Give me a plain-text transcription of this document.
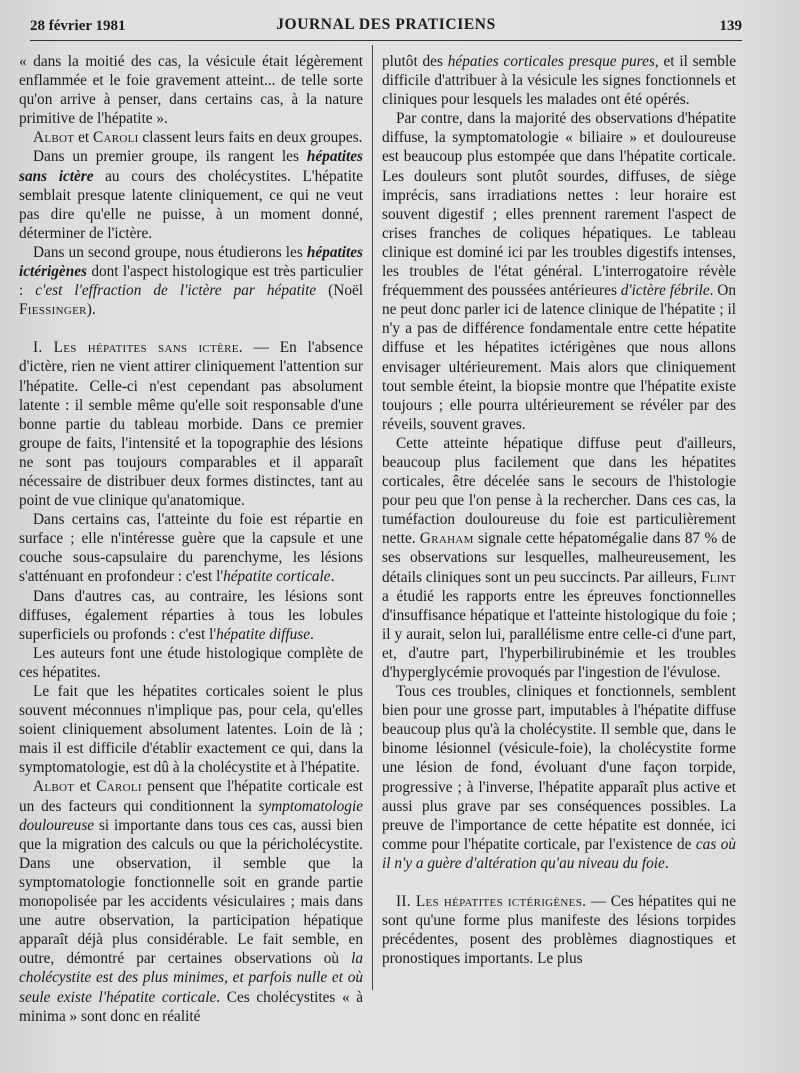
28 février 1981	JOURNAL DES PRATICIENS	139

« dans la moitié des cas, la vésicule était légèrement enflammée et le foie gravement atteint... de telle sorte qu'on arrive à penser, dans certains cas, à la nature primitive de l'hépatite ».

Albot et Caroli classent leurs faits en deux groupes.

Dans un premier groupe, ils rangent les hépatites sans ictère au cours des cholécystites. L'hépatite semblait presque latente cliniquement, ce qui ne veut pas dire qu'elle ne puisse, à un moment donné, déterminer de l'ictère.

Dans un second groupe, nous étudierons les hépatites ictérigènes dont l'aspect histologique est très particulier : c'est l'effraction de l'ictère par hépatite (Noël Fiessinger).

I. Les hépatites sans ictère. — En l'absence d'ictère, rien ne vient attirer cliniquement l'attention sur l'hépatite. Celle-ci n'est cependant pas absolument latente : il semble même qu'elle soit responsable d'une bonne partie du tableau morbide. Dans ce premier groupe de faits, l'intensité et la topographie des lésions ne sont pas toujours comparables et il apparaît nécessaire de distribuer deux formes distinctes, tant au point de vue clinique qu'anatomique.

Dans certains cas, l'atteinte du foie est répartie en surface ; elle n'intéresse guère que la capsule et une couche sous-capsulaire du parenchyme, les lésions s'atténuant en profondeur : c'est l'hépatite corticale.

Dans d'autres cas, au contraire, les lésions sont diffuses, également réparties à tous les lobules superficiels ou profonds : c'est l'hépatite diffuse.

Les auteurs font une étude histologique complète de ces hépatites.

Le fait que les hépatites corticales soient le plus souvent méconnues n'implique pas, pour cela, qu'elles soient cliniquement absolument latentes. Loin de là ; mais il est difficile d'établir exactement ce qui, dans la symptomatologie, est dû à la cholécystite et à l'hépatite.

Albot et Caroli pensent que l'hépatite corticale est un des facteurs qui conditionnent la symptomatologie douloureuse si importante dans tous ces cas, aussi bien que la migration des calculs ou que la péricholécystite. Dans une observation, il semble que la symptomatologie fonctionnelle soit en grande partie monopolisée par les accidents vésiculaires ; mais dans une autre observation, la participation hépatique apparaît déjà plus considérable. Le fait semble, en outre, démontré par certaines observations où la cholécystite est des plus minimes, et parfois nulle et où seule existe l'hépatite corticale. Ces cholécystites « à minima » sont donc en réalité

plutôt des hépaties corticales presque pures, et il semble difficile d'attribuer à la vésicule les signes fonctionnels et cliniques pour lesquels les malades ont été opérés.

Par contre, dans la majorité des observations d'hépatite diffuse, la symptomatologie « biliaire » et douloureuse est beaucoup plus estompée que dans l'hépatite corticale. Les douleurs sont plutôt sourdes, diffuses, de siège imprécis, sans irradiations nettes : leur horaire est souvent digestif ; elles prennent rarement l'aspect de crises franches de coliques hépatiques. Le tableau clinique est dominé ici par les troubles digestifs intenses, les troubles de l'état général. L'interrogatoire révèle fréquemment des poussées antérieures d'ictère fébrile. On ne peut donc parler ici de latence clinique de l'hépatite ; il n'y a pas de différence fondamentale entre cette hépatite diffuse et les hépatites ictérigènes que nous allons envisager ultérieurement. Mais alors que cliniquement tout semble éteint, la biopsie montre que l'hépatite existe toujours ; elle pourra ultérieurement se révéler par des réveils, souvent graves.

Cette atteinte hépatique diffuse peut d'ailleurs, beaucoup plus facilement que dans les hépatites corticales, être décelée sans le secours de l'histologie pour peu que l'on pense à la rechercher. Dans ces cas, la tuméfaction douloureuse du foie est particulièrement nette. Graham signale cette hépatomégalie dans 87 % de ses observations sur lesquelles, malheureusement, les détails cliniques sont un peu succincts. Par ailleurs, Flint a étudié les rapports entre les épreuves fonctionnelles d'insuffisance hépatique et l'atteinte histologique du foie ; il y aurait, selon lui, parallélisme entre celle-ci d'une part, et, d'autre part, l'hyperbilirubinémie et les troubles d'hyperglycémie provoqués par l'ingestion de l'évulose.

Tous ces troubles, cliniques et fonctionnels, semblent bien pour une grosse part, imputables à l'hépatite diffuse beaucoup plus qu'à la cholécystite. Il semble que, dans le binome lésionnel (vésicule-foie), la cholécystite forme une lésion de fond, évoluant d'une façon torpide, progressive ; à l'inverse, l'hépatite apparaît plus active et aussi plus grave par ses conséquences possibles. La preuve de l'importance de cette hépatite est donnée, ici comme pour l'hépatite corticale, par l'existence de cas où il n'y a guère d'altération qu'au niveau du foie.

II. Les hépatites ictérigènes. — Ces hépatites qui ne sont qu'une forme plus manifeste des lésions torpides précédentes, posent des problèmes diagnostiques et pronostiques importants. Le plus
